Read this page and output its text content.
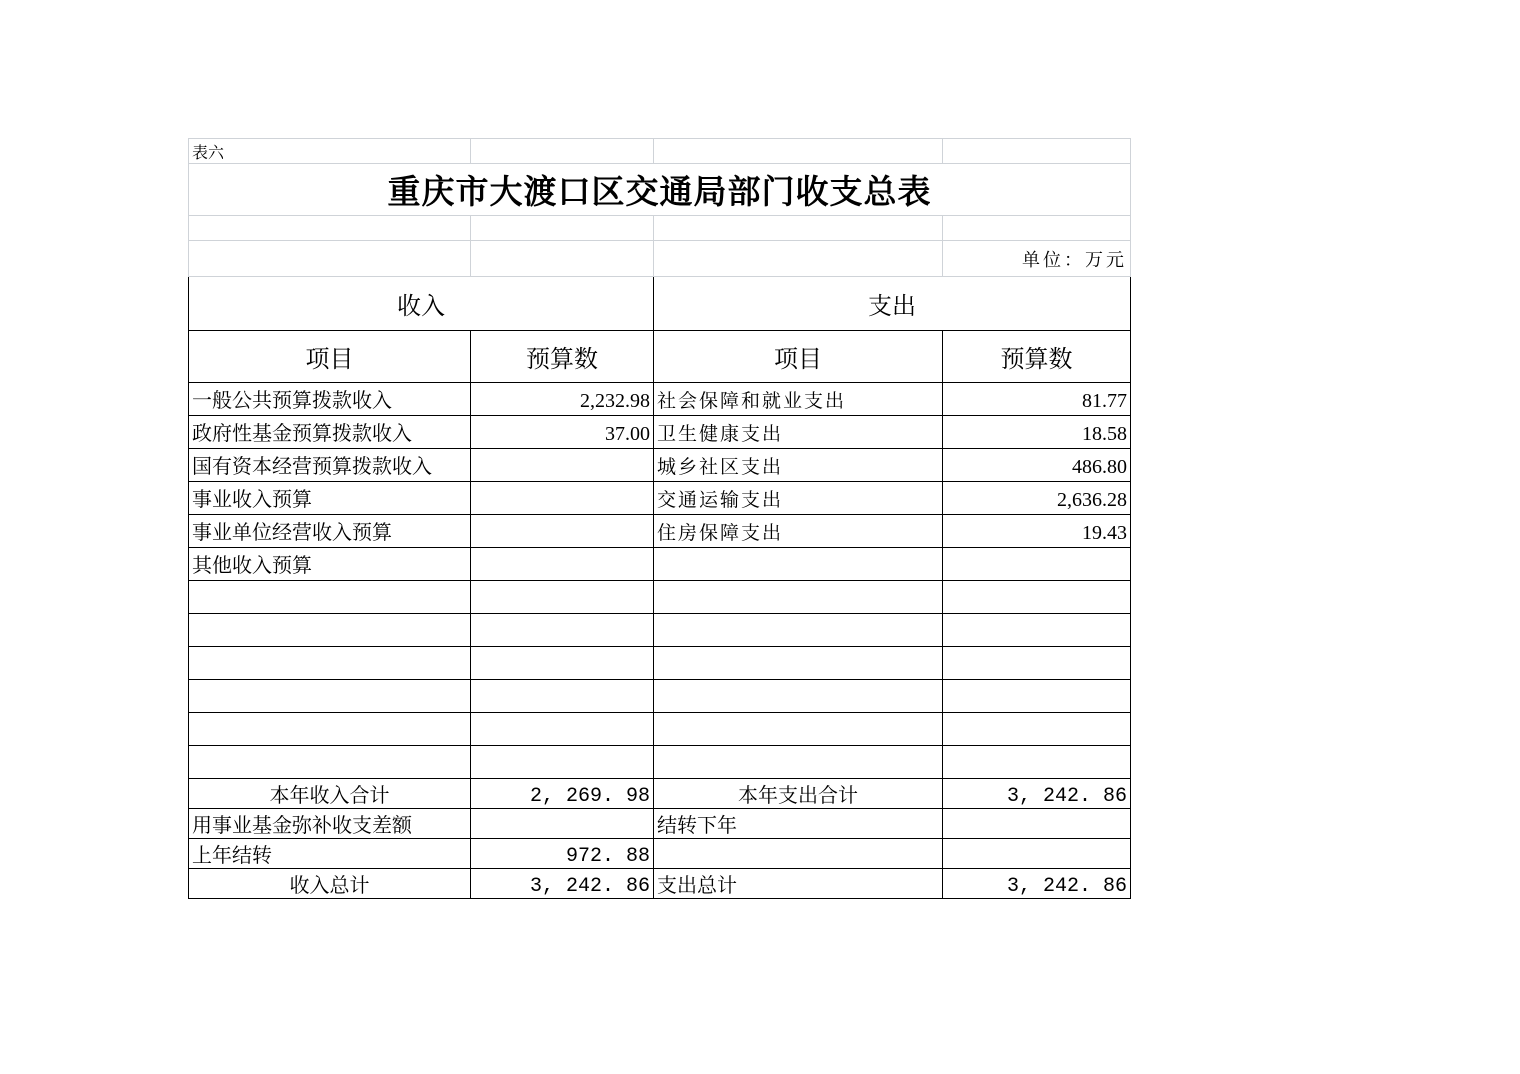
表六			
重庆市大渡口区交通局部门收支总表			

			单位：万元
收入		支出	
项目	预算数	项目	预算数
一般公共预算拨款收入	2,232.98	社会保障和就业支出	81.77
政府性基金预算拨款收入	37.00	卫生健康支出	18.58
国有资本经营预算拨款收入		城乡社区支出	486.80
事业收入预算		交通运输支出	2,636.28
事业单位经营收入预算		住房保障支出	19.43
其他收入预算			

本年收入合计	2, 269. 98	本年支出合计	3, 242. 86
用事业基金弥补收支差额		结转下年	
上年结转	972. 88		
收入总计	3, 242. 86	支出总计	3, 242. 86
